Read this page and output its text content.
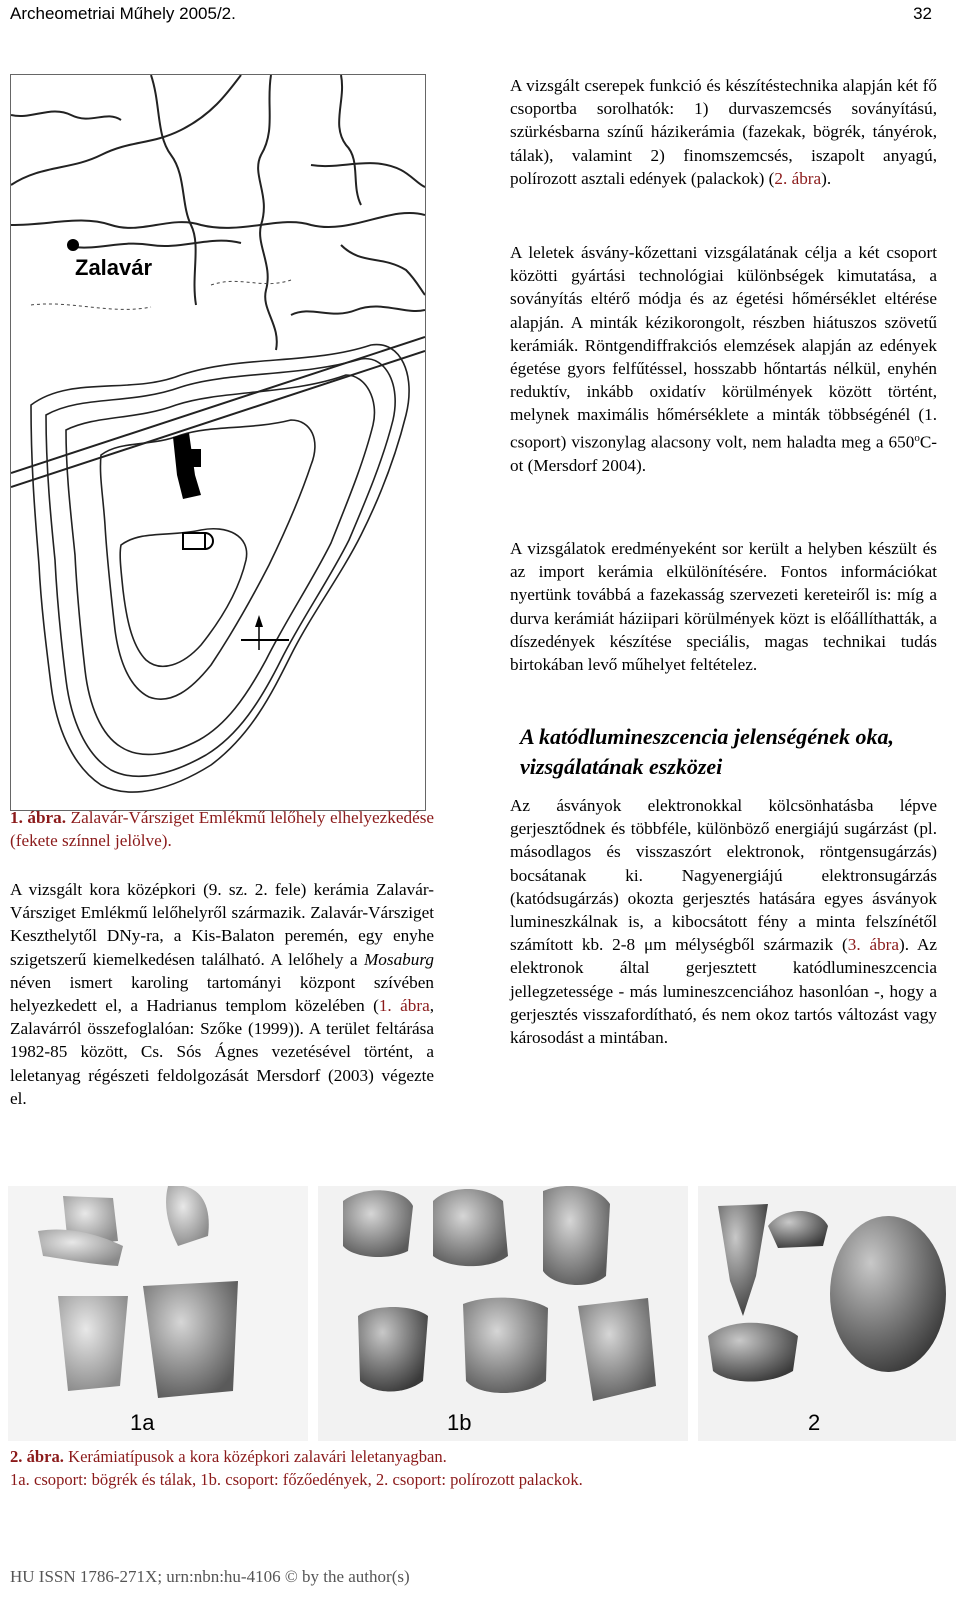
Archeometriai Műhely 2005/2.	32
Zalavár

1. ábra. Zalavár-Vársziget Emlékmű lelőhely elhelyezkedése (fekete színnel jelölve).

A vizsgált kora középkori (9. sz. 2. fele) kerámia Zalavár-Vársziget Emlékmű lelőhelyről származik. Zalavár-Vársziget Keszthelytől DNy-ra, a Kis-Balaton peremén, egy enyhe szigetszerű kiemelkedésen található. A lelőhely a Mosaburg néven ismert karoling tartományi központ szívében helyezkedett el, a Hadrianus templom közelében (1. ábra, Zalavárról összefoglalóan: Szőke (1999)). A terület feltárása 1982-85 között, Cs. Sós Ágnes vezetésével történt, a leletanyag régészeti feldolgozását Mersdorf (2003) végezte el.

A vizsgált cserepek funkció és készítéstechnika alapján két fő csoportba sorolhatók: 1) durvaszemcsés soványítású, szürkésbarna színű házikerámia (fazekak, bögrék, tányérok, tálak), valamint 2) finomszemcsés, iszapolt anyagú, polírozott asztali edények (palackok) (2. ábra).

A leletek ásvány-kőzettani vizsgálatának célja a két csoport közötti gyártási technológiai különbségek kimutatása, a soványítás eltérő módja és az égetési hőmérséklet eltérése alapján. A minták kézikorongolt, részben hiátuszos szövetű kerámiák. Röntgendiffrakciós elemzések alapján az edények égetése gyors felfűtéssel, hosszabb hőntartás nélkül, enyhén reduktív, inkább oxidatív körülmények között történt, melynek maximális hőmérséklete a minták többségénél (1. csoport) viszonylag alacsony volt, nem haladta meg a 650$^o$C-ot (Mersdorf 2004).

A vizsgálatok eredményeként sor került a helyben készült és az import kerámia elkülönítésére. Fontos információkat nyertünk továbbá a fazekasság szervezeti kereteiről is: míg a durva kerámiát háziipari körülmények közt is előállíthatták, a díszedények készítése speciális, magas technikai tudás birtokában levő műhelyet feltételez.

A katódlumineszcencia jelenségének oka, vizsgálatának eszközei

Az ásványok elektronokkal kölcsönhatásba lépve gerjesztődnek és többféle, különböző energiájú sugárzást (pl. másodlagos és visszaszórt elektronok, röntgensugárzás) bocsátanak ki. Nagyenergiájú elektronsugárzás (katódsugárzás) okozta gerjesztés hatására egyes ásványok lumineszkálnak is, a kibocsátott fény a minta felszínétől számított kb. 2-8 μm mélységből származik (3. ábra). Az elektronok által gerjesztett katódlumineszcencia jellegzetessége - más lumineszcenciához hasonlóan -, hogy a gerjesztés visszafordítható, és nem okoz tartós változást vagy károsodást a mintában.

1a	1b	2

2. ábra. Kerámiatípusok a kora középkori zalavári leletanyagban.

1a. csoport: bögrék és tálak, 1b. csoport: főzőedények, 2. csoport: polírozott palackok.

HU ISSN 1786-271X; urn:nbn:hu-4106 © by the author(s)
